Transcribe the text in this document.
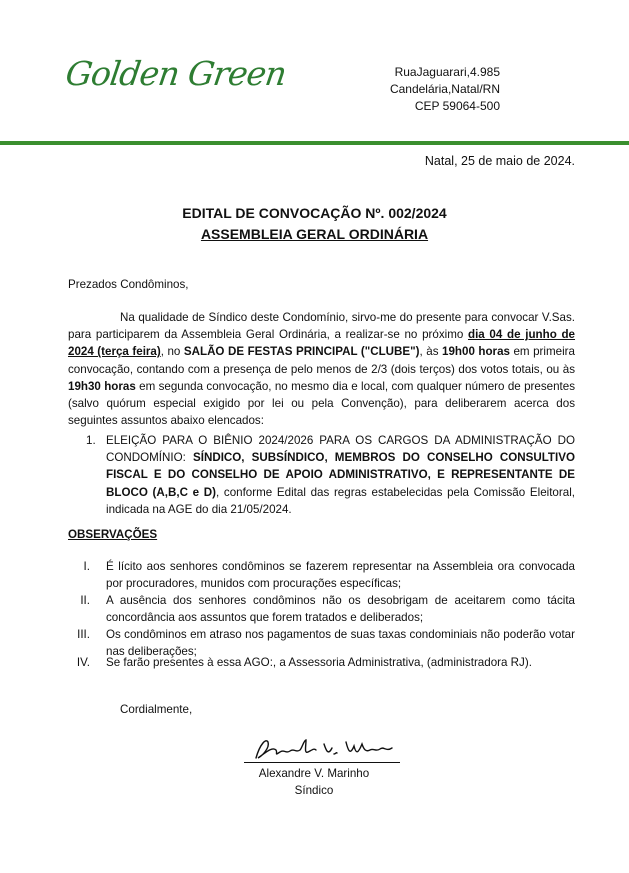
Golden Green	RuaJaguarari,4.985
Candelária,Natal/RN
CEP 59064-500
Natal, 25 de maio de 2024.
EDITAL DE CONVOCAÇÃO Nº. 002/2024
ASSEMBLEIA GERAL ORDINÁRIA
Prezados Condôminos,
Na qualidade de Síndico deste Condomínio, sirvo-me do presente para convocar V.Sas. para participarem da Assembleia Geral Ordinária, a realizar-se no próximo dia 04 de junho de 2024 (terça feira), no SALÃO DE FESTAS PRINCIPAL ("CLUBE"), às 19h00 horas em primeira convocação, contando com a presença de pelo menos de 2/3 (dois terços) dos votos totais, ou às 19h30 horas em segunda convocação, no mesmo dia e local, com qualquer número de presentes (salvo quórum especial exigido por lei ou pela Convenção), para deliberarem acerca dos seguintes assuntos abaixo elencados:
1. ELEIÇÃO PARA O BIÊNIO 2024/2026 PARA OS CARGOS DA ADMINISTRAÇÃO DO CONDOMÍNIO: SÍNDICO, SUBSÍNDICO, MEMBROS DO CONSELHO CONSULTIVO FISCAL E DO CONSELHO DE APOIO ADMINISTRATIVO, E REPRESENTANTE DE BLOCO (A,B,C e D), conforme Edital das regras estabelecidas pela Comissão Eleitoral, indicada na AGE do dia 21/05/2024.
OBSERVAÇÕES
I. É lícito aos senhores condôminos se fazerem representar na Assembleia ora convocada por procuradores, munidos com procurações específicas;
II. A ausência dos senhores condôminos não os desobrigam de aceitarem como tácita concordância aos assuntos que forem tratados e deliberados;
III. Os condôminos em atraso nos pagamentos de suas taxas condominiais não poderão votar nas deliberações;
IV. Se farão presentes à essa AGO:, a Assessoria Administrativa, (administradora RJ).
Cordialmente,
Alexandre V. Marinho
Síndico
